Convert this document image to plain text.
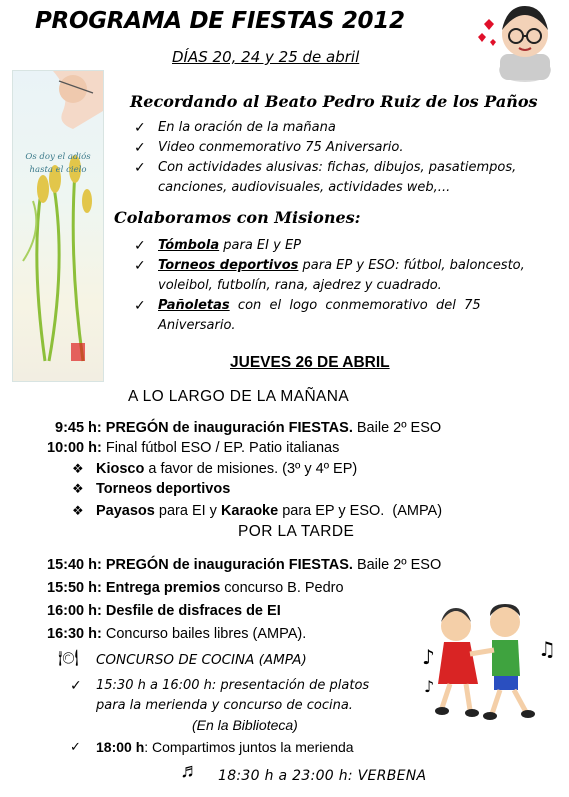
PROGRAMA DE FIESTAS 2012
DÍAS 20, 24 y 25 de abril
Os doy el adiós hasta el cielo
Recordando al Beato Pedro Ruiz de los Paños
✓ En la oración de la mañana
✓ Video conmemorativo 75 Aniversario.
✓ Con actividades alusivas: fichas, dibujos, pasatiempos,
canciones, audiovisuales, actividades web,...
Colaboramos con Misiones:
✓ Tómbola para EI y EP
✓ Torneos deportivos para EP y ESO: fútbol, baloncesto,
voleibol, futbolín, rana, ajedrez y cuadrado.
✓ Pañoletas  con  el  logo  conmemorativo  del  75
Aniversario.
JUEVES 26 DE ABRIL
A LO LARGO DE LA MAÑANA
9:45 h: PREGÓN de inauguración FIESTAS. Baile 2º ESO
10:00 h: Final fútbol ESO / EP. Patio italianas
❖ Kiosco a favor de misiones. (3º y 4º EP)
❖ Torneos deportivos
❖ Payasos para EI y Karaoke para EP y ESO.  (AMPA)
POR LA TARDE
15:40 h: PREGÓN de inauguración FIESTAS. Baile 2º ESO
15:50 h: Entrega premios concurso B. Pedro
16:00 h: Desfile de disfraces de EI
16:30 h: Concurso bailes libres (AMPA).
♪	♫
♪
🍽 CONCURSO DE COCINA (AMPA)
✓ 15:30 h a 16:00 h: presentación de platos
para la merienda y concurso de cocina.
(En la Biblioteca)
✓ 18:00 h: Compartimos juntos la merienda
♬ 18:30 h a 23:00 h: VERBENA
